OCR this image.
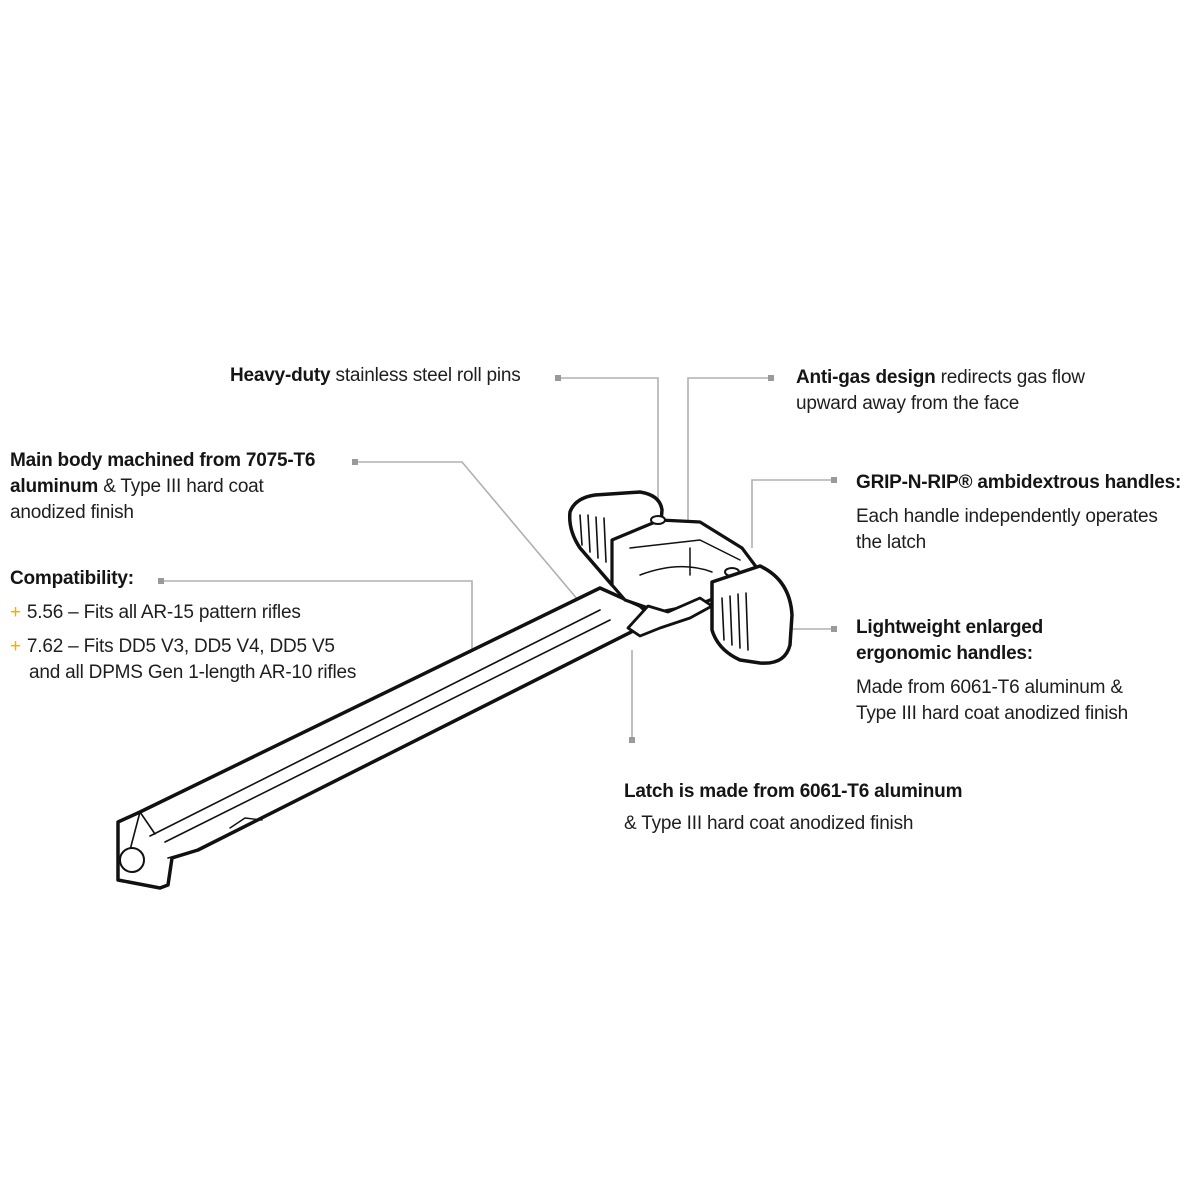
Heavy-duty stainless steel roll pins	Anti-gas design redirects gas flow
upward away from the face
Main body machined from 7075-T6
aluminum & Type III hard coat
anodized finish
GRIP-N-RIP® ambidextrous handles:
Each handle independently operates
the latch
Compatibility:
+ 5.56 – Fits all AR-15 pattern rifles
+ 7.62 – Fits DD5 V3, DD5 V4, DD5 V5
and all DPMS Gen 1-length AR-10 rifles
Lightweight enlarged
ergonomic handles:
Made from 6061-T6 aluminum &
Type III hard coat anodized finish
Latch is made from 6061-T6 aluminum
& Type III hard coat anodized finish
